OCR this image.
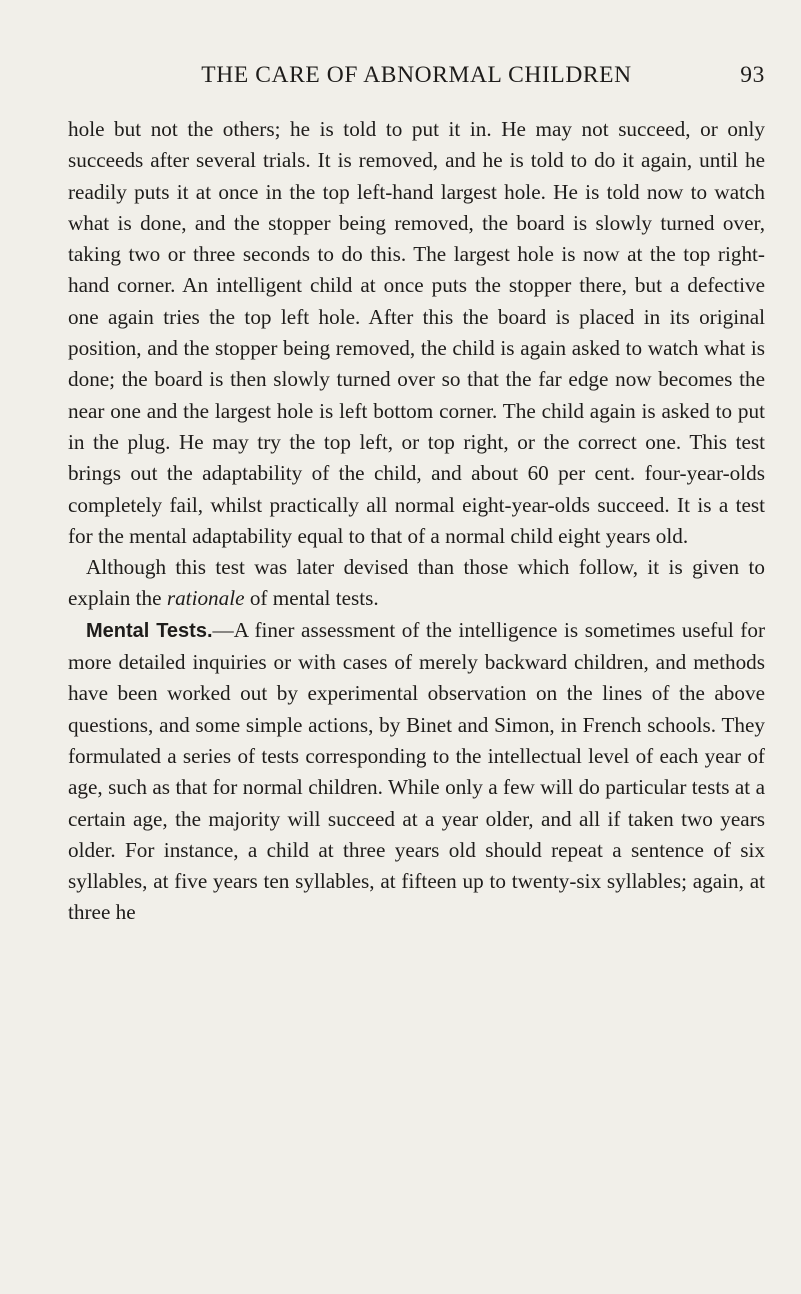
THE CARE OF ABNORMAL CHILDREN	93

hole but not the others; he is told to put it in. He may not succeed, or only succeeds after several trials. It is removed, and he is told to do it again, until he readily puts it at once in the top left-hand largest hole. He is told now to watch what is done, and the stopper being removed, the board is slowly turned over, taking two or three seconds to do this. The largest hole is now at the top right-hand corner. An intelligent child at once puts the stopper there, but a defective one again tries the top left hole. After this the board is placed in its original position, and the stopper being removed, the child is again asked to watch what is done; the board is then slowly turned over so that the far edge now becomes the near one and the largest hole is left bottom corner. The child again is asked to put in the plug. He may try the top left, or top right, or the correct one. This test brings out the adaptability of the child, and about 60 per cent. four-year-olds completely fail, whilst practically all normal eight-year-olds succeed. It is a test for the mental adaptability equal to that of a normal child eight years old.

Although this test was later devised than those which follow, it is given to explain the rationale of mental tests.

Mental Tests.—A finer assessment of the intelligence is sometimes useful for more detailed inquiries or with cases of merely backward children, and methods have been worked out by experimental observation on the lines of the above questions, and some simple actions, by Binet and Simon, in French schools. They formulated a series of tests corresponding to the intellectual level of each year of age, such as that for normal children. While only a few will do particular tests at a certain age, the majority will succeed at a year older, and all if taken two years older. For instance, a child at three years old should repeat a sentence of six syllables, at five years ten syllables, at fifteen up to twenty-six syllables; again, at three he
